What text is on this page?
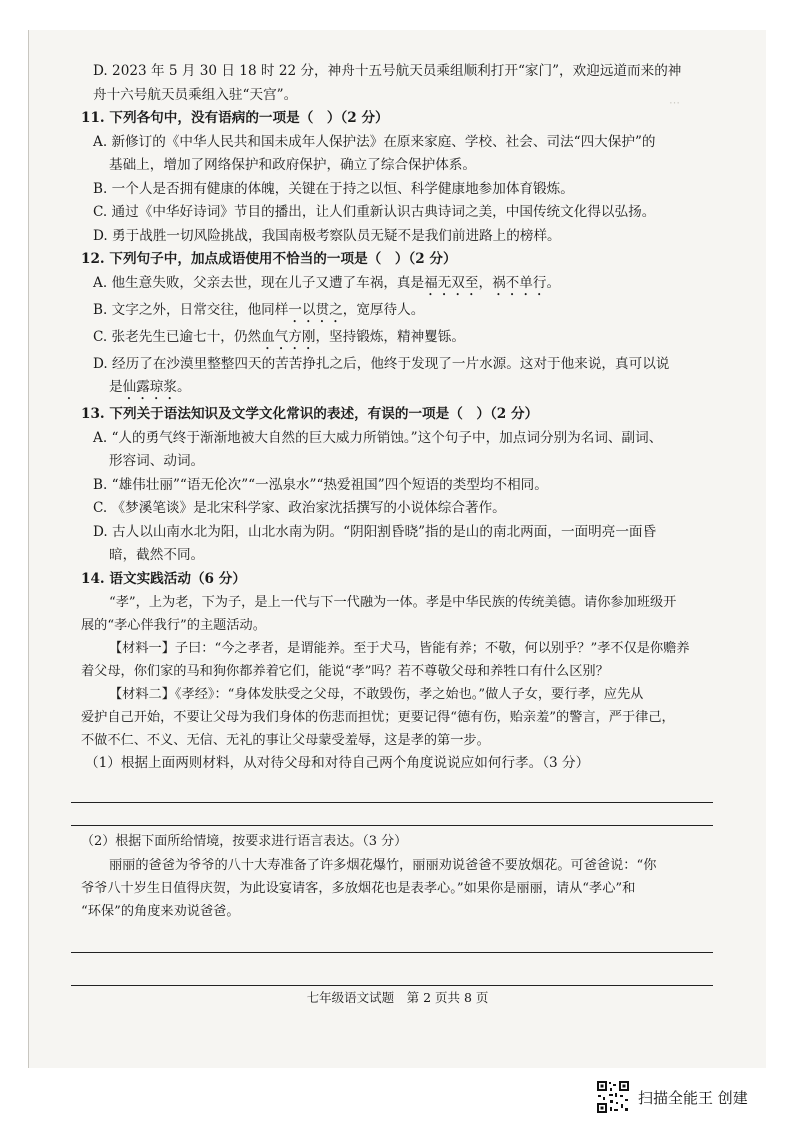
⋯
D. 2023 年 5 月 30 日 18 时 22 分，神舟十五号航天员乘组顺利打开“家门”，欢迎远道而来的神
舟十六号航天员乘组入驻“天宫”。
11. 下列各句中，没有语病的一项是（　）（2 分）
A. 新修订的《中华人民共和国未成年人保护法》在原来家庭、学校、社会、司法“四大保护”的
基础上，增加了网络保护和政府保护，确立了综合保护体系。
B. 一个人是否拥有健康的体魄，关键在于持之以恒、科学健康地参加体育锻炼。
C. 通过《中华好诗词》节目的播出，让人们重新认识古典诗词之美，中国传统文化得以弘扬。
D. 勇于战胜一切风险挑战，我国南极考察队员无疑不是我们前进路上的榜样。
12. 下列句子中，加点成语使用不恰当的一项是（　）（2 分）
A. 他生意失败，父亲去世，现在儿子又遭了车祸，真是福无双至，祸不单行。
B. 文字之外，日常交往，他同样一以贯之，宽厚待人。
C. 张老先生已逾七十，仍然血气方刚，坚持锻炼，精神矍铄。
D. 经历了在沙漠里整整四天的苦苦挣扎之后，他终于发现了一片水源。这对于他来说，真可以说
是仙露琼浆。
13. 下列关于语法知识及文学文化常识的表述，有误的一项是（　）（2 分）
A. “人的勇气终于渐渐地被大自然的巨大威力所销蚀。”这个句子中，加点词分别为名词、副词、
形容词、动词。
B. “雄伟壮丽”“语无伦次”“一泓泉水”“热爱祖国”四个短语的类型均不相同。
C. 《梦溪笔谈》是北宋科学家、政治家沈括撰写的小说体综合著作。
D. 古人以山南水北为阳，山北水南为阴。“阴阳割昏晓”指的是山的南北两面，一面明亮一面昏
暗，截然不同。
14. 语文实践活动（6 分）
“孝”，上为老，下为子，是上一代与下一代融为一体。孝是中华民族的传统美德。请你参加班级开
展的“孝心伴我行”的主题活动。
【材料一】子曰：“今之孝者，是谓能养。至于犬马，皆能有养；不敬，何以别乎？”孝不仅是你赡养
着父母，你们家的马和狗你都养着它们，能说“孝”吗？若不尊敬父母和养牲口有什么区别？
【材料二】《孝经》：“身体发肤受之父母，不敢毁伤，孝之始也。”做人子女，要行孝，应先从
爱护自己开始，不要让父母为我们身体的伤悲而担忧；更要记得“德有伤，贻亲羞”的警言，严于律己，
不做不仁、不义、无信、无礼的事让父母蒙受羞辱，这是孝的第一步。
（1）根据上面两则材料，从对待父母和对待自己两个角度说说应如何行孝。（3 分）
（2）根据下面所给情境，按要求进行语言表达。（3 分）
丽丽的爸爸为爷爷的八十大寿准备了许多烟花爆竹，丽丽劝说爸爸不要放烟花。可爸爸说：“你
爷爷八十岁生日值得庆贺，为此设宴请客，多放烟花也是表孝心。”如果你是丽丽，请从“孝心”和
“环保”的角度来劝说爸爸。
七年级语文试题　第 2 页共 8 页
扫描全能王 创建
